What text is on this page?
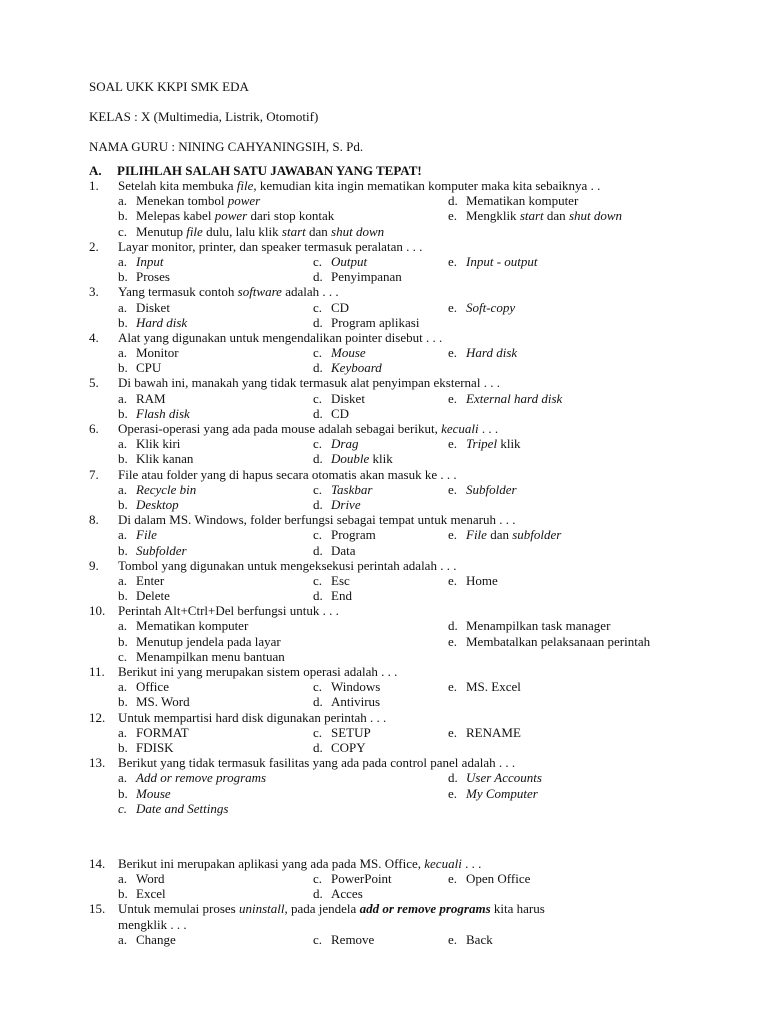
SOAL UKK KKPI SMK EDA
KELAS : X (Multimedia, Listrik, Otomotif)
NAMA GURU : NINING CAHYANINGSIH, S. Pd.
A. PILIHLAH SALAH SATU JAWABAN YANG TEPAT!
1. Setelah kita membuka file, kemudian kita ingin mematikan komputer maka kita sebaiknya . .
a. Menekan tombol power	d. Mematikan komputer
b. Melepas kabel power dari stop kontak	e. Mengklik start dan shut down
c. Menutup file dulu, lalu klik start dan shut down
2. Layar monitor, printer, dan speaker termasuk peralatan . . .
a. Input	c. Output	e. Input - output
b. Proses	d. Penyimpanan
3. Yang termasuk contoh software adalah . . .
a. Disket	c. CD	e. Soft-copy
b. Hard disk	d. Program aplikasi
4. Alat yang digunakan untuk mengendalikan pointer disebut . . .
a. Monitor	c. Mouse	e. Hard disk
b. CPU	d. Keyboard
5. Di bawah ini, manakah yang tidak termasuk alat penyimpan eksternal . . .
a. RAM	c. Disket	e. External hard disk
b. Flash disk	d. CD
6. Operasi-operasi yang ada pada mouse adalah sebagai berikut, kecuali . . .
a. Klik kiri	c. Drag	e. Tripel klik
b. Klik kanan	d. Double klik
7. File atau folder yang di hapus secara otomatis akan masuk ke . . .
a. Recycle bin	c. Taskbar	e. Subfolder
b. Desktop	d. Drive
8. Di dalam MS. Windows, folder berfungsi sebagai tempat untuk menaruh . . .
a. File	c. Program	e. File dan subfolder
b. Subfolder	d. Data
9. Tombol yang digunakan untuk mengeksekusi perintah adalah . . .
a. Enter	c. Esc	e. Home
b. Delete	d. End
10. Perintah Alt+Ctrl+Del berfungsi untuk . . .
a. Mematikan komputer	d. Menampilkan task manager
b. Menutup jendela pada layar	e. Membatalkan pelaksanaan perintah
c. Menampilkan menu bantuan
11. Berikut ini yang merupakan sistem operasi adalah . . .
a. Office	c. Windows	e. MS. Excel
b. MS. Word	d. Antivirus
12. Untuk mempartisi hard disk digunakan perintah . . .
a. FORMAT	c. SETUP	e. RENAME
b. FDISK	d. COPY
13. Berikut yang tidak termasuk fasilitas yang ada pada control panel adalah . . .
a. Add or remove programs	d. User Accounts
b. Mouse	e. My Computer
c. Date and Settings
14. Berikut ini merupakan aplikasi yang ada pada MS. Office, kecuali . . .
a. Word	c. PowerPoint	e. Open Office
b. Excel	d. Acces
15. Untuk memulai proses uninstall, pada jendela add or remove programs kita harus
mengklik . . .
a. Change	c. Remove	e. Back
